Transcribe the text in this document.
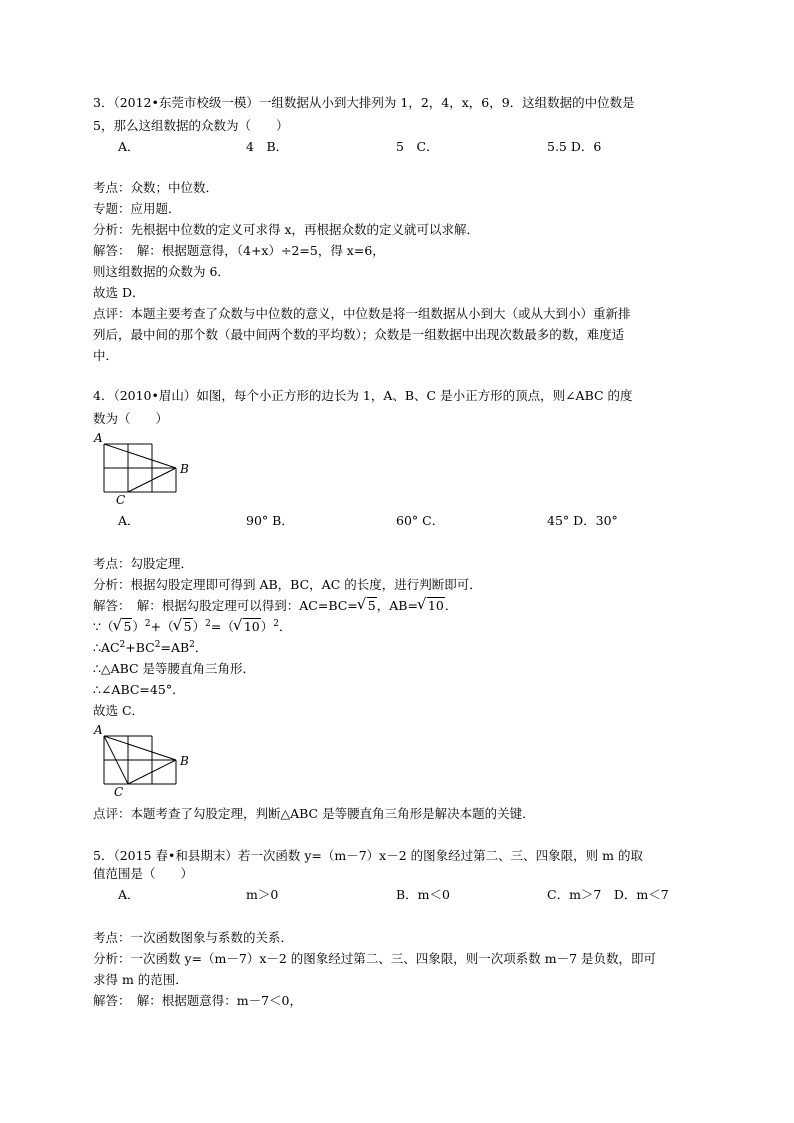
3．（2012•东莞市校级一模）一组数据从小到大排列为 1，2，4，x，6，9．这组数据的中位数是
5，那么这组数据的众数为（　　）
A．	4　B．	5　C．	5.5 D．6
考点：众数；中位数．
专题：应用题．
分析：先根据中位数的定义可求得 x，再根据众数的定义就可以求解．
解答：　解：根据题意得，（4+x）÷2=5，得 x=6，
则这组数据的众数为 6．
故选 D．
点评：本题主要考查了众数与中位数的意义，中位数是将一组数据从小到大（或从大到小）重新排
列后，最中间的那个数（最中间两个数的平均数）；众数是一组数据中出现次数最多的数，难度适
中．
4．（2010•眉山）如图，每个小正方形的边长为 1，A、B、C 是小正方形的顶点，则∠ABC 的度
数为（　　）
A
B
C
A．	90° B．	60° C．	45° D．30°
考点：勾股定理．
分析：根据勾股定理即可得到 AB，BC，AC 的长度，进行判断即可．
解答：　解：根据勾股定理可以得到：AC=BC= √ 5，AB= √ 10．
∵（ √ 5）$^2$+（ √ 5）$^2$=（ √ 10）$^2$．
$\therefore AC^2+BC^2=AB^2$．
∴△ABC 是等腰直角三角形．
∴∠ABC=45°．
故选 C．
A
B
C
点评：本题考查了勾股定理，判断△ABC 是等腰直角三角形是解决本题的关键．
5．（2015 春•和县期末）若一次函数 y=（m－7）x－2 的图象经过第二、三、四象限，则 m 的取
值范围是（　　）
A．	m＞0	B．m＜0	C．m＞7　D．m＜7
考点：一次函数图象与系数的关系．
分析：一次函数 y=（m－7）x－2 的图象经过第二、三、四象限，则一次项系数 m－7 是负数，即可
求得 m 的范围．
解答：　解：根据题意得：m－7＜0，
